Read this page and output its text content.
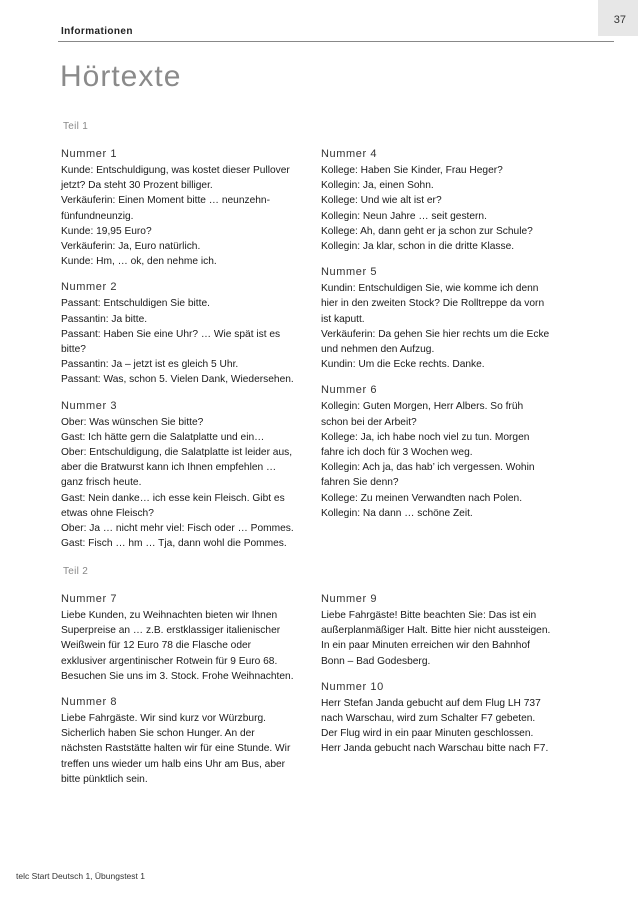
37
Informationen
Hörtexte
Teil 1
Nummer 1
Kunde: Entschuldigung, was kostet dieser Pullover
jetzt? Da steht 30 Prozent billiger.
Verkäuferin: Einen Moment bitte … neunzehn-
fünfundneunzig.
Kunde: 19,95 Euro?
Verkäuferin: Ja, Euro natürlich.
Kunde: Hm, … ok, den nehme ich.
Nummer 2
Passant: Entschuldigen Sie bitte.
Passantin: Ja bitte.
Passant: Haben Sie eine Uhr? … Wie spät ist es
bitte?
Passantin: Ja – jetzt ist es gleich 5 Uhr.
Passant: Was, schon 5. Vielen Dank, Wiedersehen.
Nummer 3
Ober: Was wünschen Sie bitte?
Gast: Ich hätte gern die Salatplatte und ein…
Ober: Entschuldigung, die Salatplatte ist leider aus,
aber die Bratwurst kann ich Ihnen empfehlen …
ganz frisch heute.
Gast: Nein danke… ich esse kein Fleisch. Gibt es
etwas ohne Fleisch?
Ober: Ja … nicht mehr viel: Fisch oder … Pommes.
Gast: Fisch … hm … Tja, dann wohl die Pommes.
Nummer 4
Kollege: Haben Sie Kinder, Frau Heger?
Kollegin: Ja, einen Sohn.
Kollege: Und wie alt ist er?
Kollegin: Neun Jahre … seit gestern.
Kollege: Ah, dann geht er ja schon zur Schule?
Kollegin: Ja klar, schon in die dritte Klasse.
Nummer 5
Kundin: Entschuldigen Sie, wie komme ich denn
hier in den zweiten Stock? Die Rolltreppe da vorn
ist kaputt.
Verkäuferin: Da gehen Sie hier rechts um die Ecke
und nehmen den Aufzug.
Kundin: Um die Ecke rechts. Danke.
Nummer 6
Kollegin: Guten Morgen, Herr Albers. So früh
schon bei der Arbeit?
Kollege: Ja, ich habe noch viel zu tun. Morgen
fahre ich doch für 3 Wochen weg.
Kollegin: Ach ja, das hab’ ich vergessen. Wohin
fahren Sie denn?
Kollege: Zu meinen Verwandten nach Polen.
Kollegin: Na dann … schöne Zeit.
Teil 2
Nummer 7
Liebe Kunden, zu Weihnachten bieten wir Ihnen
Superpreise an … z.B. erstklassiger italienischer
Weißwein für 12 Euro 78 die Flasche oder
exklusiver argentinischer Rotwein für 9 Euro 68.
Besuchen Sie uns im 3. Stock. Frohe Weihnachten.
Nummer 8
Liebe Fahrgäste. Wir sind kurz vor Würzburg.
Sicherlich haben Sie schon Hunger. An der
nächsten Raststätte halten wir für eine Stunde. Wir
treffen uns wieder um halb eins Uhr am Bus, aber
bitte pünktlich sein.
Nummer 9
Liebe Fahrgäste! Bitte beachten Sie: Das ist ein
außerplanmäßiger Halt. Bitte hier nicht aussteigen.
In ein paar Minuten erreichen wir den Bahnhof
Bonn – Bad Godesberg.
Nummer 10
Herr Stefan Janda gebucht auf dem Flug LH 737
nach Warschau, wird zum Schalter F7 gebeten.
Der Flug wird in ein paar Minuten geschlossen.
Herr Janda gebucht nach Warschau bitte nach F7.
telc Start Deutsch 1, Übungstest 1
